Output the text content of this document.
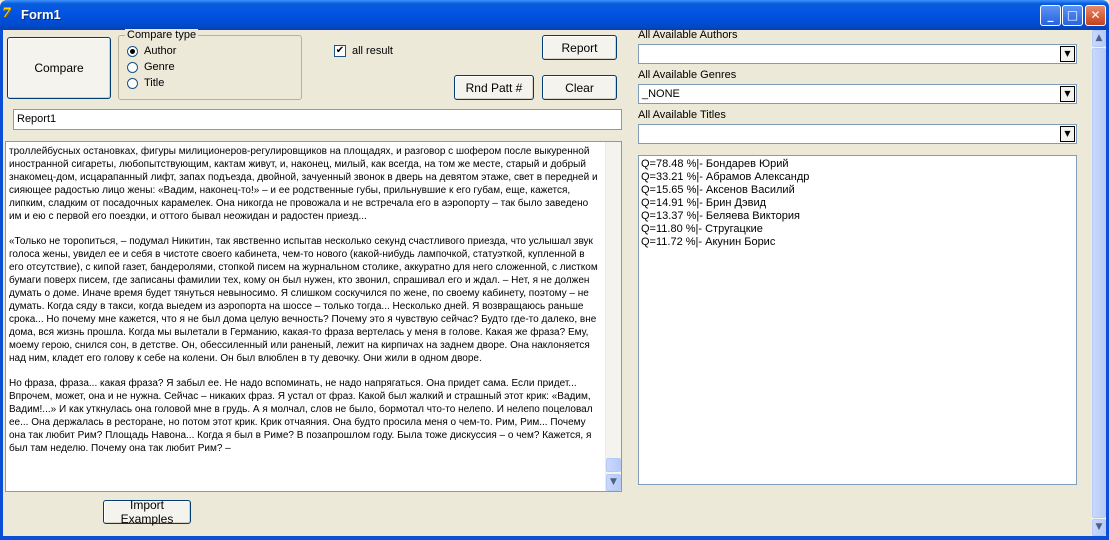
7 Form1	_	□	✕
Compare
Compare type
Author
Genre
Title
✔ all result	Report
Rnd Patt #	Clear
Report1

троллейбусных остановках, фигуры милиционеров-регулировщиков на площадях, и разговор с шофером после выкуренной иностранной сигареты, любопытствующим, кактам живут, и, наконец, милый, как всегда, на том же месте, старый и добрый знакомец-дом, исцарапанный лифт, запах подъезда, двойной, зачуенный звонок в дверь на девятом этаже, свет в передней и сияющее радостью лицо жены: «Вадим, наконец-то!» – и ее родственные губы, прильнувшие к его губам, еще, кажется, липким, сладким от посадочных карамелек. Она никогда не провожала и не встречала его в аэропорту – так было заведено им и ею с первой его поездки, и оттого бывал неожидан и радостен приезд...

«Только не торопиться, – подумал Никитин, так явственно испытав несколько секунд счастливого приезда, что услышал звук голоса жены, увидел ее и себя в чистоте своего кабинета, чем-то нового (какой-нибудь лампочкой, статуэткой, купленной в его отсутствие), с кипой газет, бандеролями, стопкой писем на журнальном столике, аккуратно для него сложенной, с листком бумаги поверх писем, где записаны фамилии тех, кому он был нужен, кто звонил, спрашивал его и ждал. – Нет, я не должен думать о доме. Иначе время будет тянуться невыносимо. Я слишком соскучился по жене, по своему кабинету, поэтому – не думать. Когда сяду в такси, когда выедем из аэропорта на шоссе – только тогда... Несколько дней. Я возвращаюсь раньше срока... Но почему мне кажется, что я не был дома целую вечность? Почему это я чувствую сейчас? Будто где-то далеко, вне дома, вся жизнь прошла. Когда мы вылетали в Германию, какая-то фраза вертелась у меня в голове. Какая же фраза? Ему, моему герою, снился сон, в детстве. Он, обессиленный или раненый, лежит на кирпичах на заднем дворе. Она наклоняется над ним, кладет его голову к себе на колени. Он был влюблен в ту девочку. Они жили в одном дворе.

Но фраза, фраза... какая фраза? Я забыл ее. Не надо вспоминать, не надо напрягаться. Она придет сама. Если придет... Впрочем, может, она и не нужна. Сейчас – никаких фраз. Я устал от фраз. Какой был жалкий и страшный этот крик: «Вадим, Вадим!...» И как уткнулась она головой мне в грудь. А я молчал, слов не было, бормотал что-то нелепо. И нелепо поцеловал ее... Она держалась в ресторане, но потом этот крик. Крик отчаяния. Она будто просила меня о чем-то. Рим, Рим... Почему она так любит Рим? Площадь Навона... Когда я был в Риме? В позапрошлом году. Была тоже дискуссия – о чем? Кажется, я был там неделю. Почему она так любит Рим? –

▼
Import Examples
All Available Authors
▼
All Available Genres
_NONE	▼
All Available Titles
▼
Q=78.48 %|- Бондарев Юрий
Q=33.21 %|- Абрамов Александр
Q=15.65 %|- Аксенов Василий
Q=14.91 %|- Брин Дэвид
Q=13.37 %|- Беляева Виктория
Q=11.80 %|- Стругацкие
Q=11.72 %|- Акунин Борис
▲
▼
